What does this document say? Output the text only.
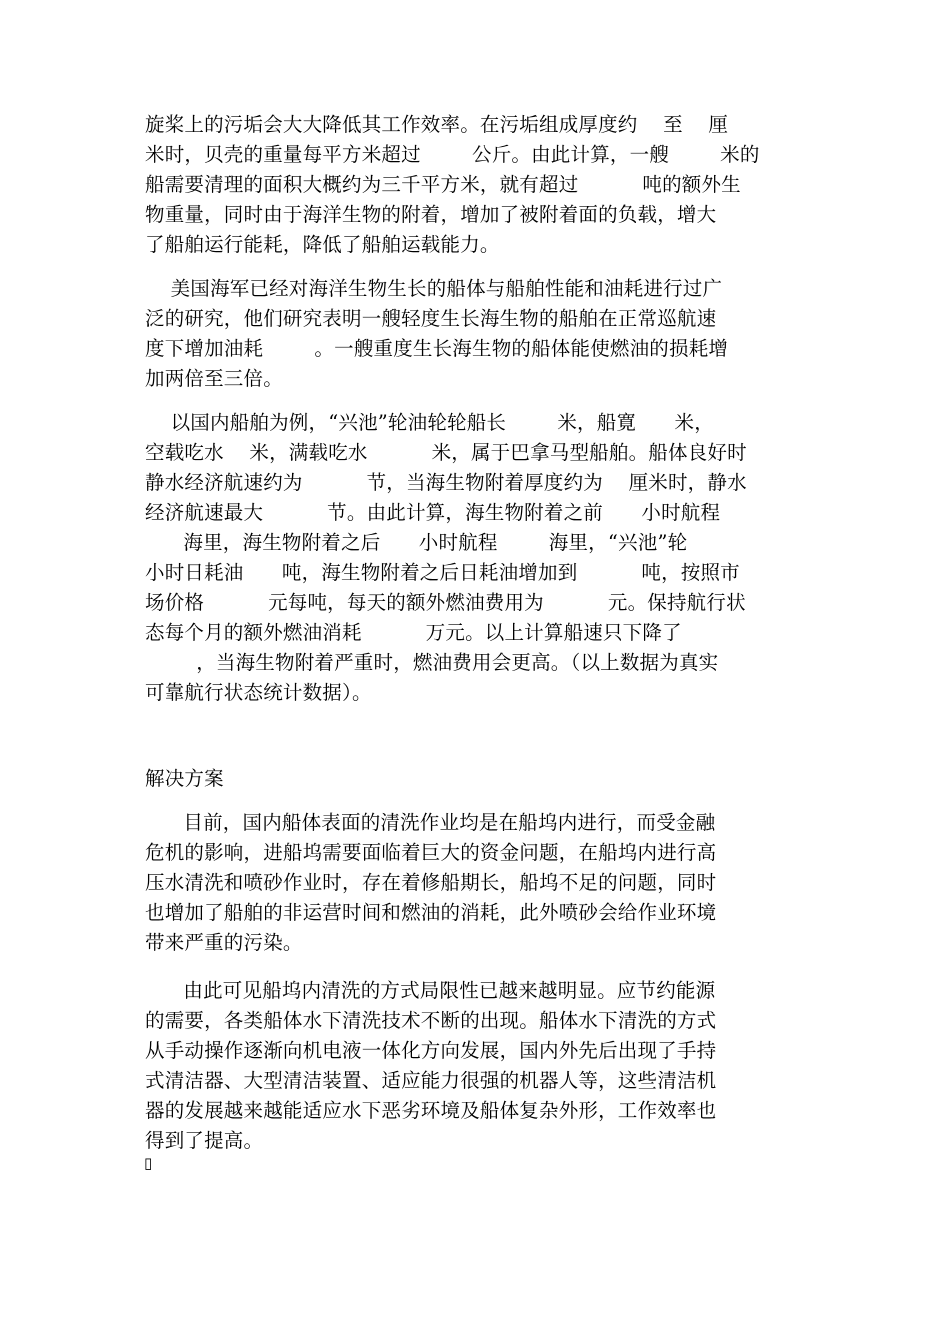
旋桨上的污垢会大大降低其工作效率。在污垢组成厚度约    至    厘
米时，贝壳的重量每平方米超过        公斤。由此计算，一艘        米的
船需要清理的面积大概约为三千平方米，就有超过          吨的额外生
物重量，同时由于海洋生物的附着，增加了被附着面的负载，增大
了船舶运行能耗，降低了船舶运载能力。
美国海军已经对海洋生物生长的船体与船舶性能和油耗进行过广
泛的研究，他们研究表明一艘轻度生长海生物的船舶在正常巡航速
度下增加油耗        。一艘重度生长海生物的船体能使燃油的损耗增
加两倍至三倍。
以国内船舶为例，“兴池”轮油轮轮船长        米，船寛      米，
空载吃水    米，满载吃水          米，属于巴拿马型船舶。船体良好时
静水经济航速约为          节，当海生物附着厚度约为    厘米时，静水
经济航速最大          节。由此计算，海生物附着之前      小时航程
海里，海生物附着之后      小时航程        海里，“兴池”轮
小时日耗油      吨，海生物附着之后日耗油增加到          吨，按照市
场价格          元每吨，每天的额外燃油费用为          元。保持航行状
态每个月的额外燃油消耗          万元。以上计算船速只下降了
，当海生物附着严重时，燃油费用会更高。（以上数据为真实
可靠航行状态统计数据）。
解决方案
目前，国内船体表面的清洗作业均是在船坞内进行，而受金融
危机的影响，进船坞需要面临着巨大的资金问题，在船坞内进行高
压水清洗和喷砂作业时，存在着修船期长，船坞不足的问题，同时
也增加了船舶的非运营时间和燃油的消耗，此外喷砂会给作业环境
带来严重的污染。
由此可见船坞内清洗的方式局限性已越来越明显。应节约能源
的需要，各类船体水下清洗技术不断的出现。船体水下清洗的方式
从手动操作逐渐向机电液一体化方向发展，国内外先后出现了手持
式清洁器、大型清洁装置、适应能力很强的机器人等，这些清洁机
器的发展越来越能适应水下恶劣环境及船体复杂外形，工作效率也
得到了提高。
▯
